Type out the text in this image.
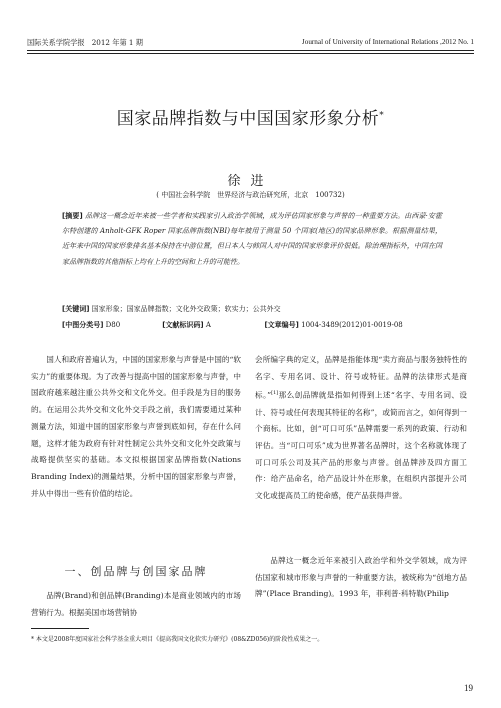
国际关系学院学报　2012 年第 1 期	Journal of University of International Relations ,2012 No. 1
国家品牌指数与中国国家形象分析*
徐进
( 中国社会科学院　世界经济与政治研究所，北京　100732)
[摘要] 品牌这一概念近年来被一些学者和实践家引入政治学领域，成为评估国家形象与声誉的一种重要方法。由西蒙·安霍尔特创建的 Anholt-GFK Roper 国家品牌指数(NBI)每年被用于测量 50 个国家(地区)的国家品牌形象。根据测量结果，近年来中国的国家形象排名基本保持在中游位置，但日本人与韩国人对中国的国家形象评价很低。除治理指标外，中国在国家品牌指数的其他指标上均有上升的空间和上升的可能性。
[关键词] 国家形象；国家品牌指数；文化外交政策；软实力；公共外交
[中图分类号] D80	[文献标识码] A	[文章编号] 1004-3489(2012)01-0019-08

国人和政府普遍认为，中国的国家形象与声誉是中国的“软实力”的重要体现。为了改善与提高中国的国家形象与声誉，中国政府越来越注重公共外交和文化外交。但手段是为目的服务的。在运用公共外交和文化外交手段之前，我们需要通过某种测量方法，知道中国的国家形象与声誉到底如何，存在什么问题，这样才能为政府有针对性制定公共外交和文化外交政策与战略提供坚实的基础。本文拟根据国家品牌指数(Nations Branding Index)的测量结果，分析中国的国家形象与声誉，并从中得出一些有价值的结论。

会所编字典的定义，品牌是指能体现“卖方商品与服务独特性的名字、专用名词、设计、符号或特征。品牌的法律形式是商标。”[1]那么创品牌就是指如何得到上述“名字、专用名词、设计、符号或任何表现其特征的名称”，或简而言之，如何得到一个商标。比如，创“可口可乐”品牌需要一系列的政策、行动和评估。当“可口可乐”成为世界著名品牌时，这个名称就体现了可口可乐公司及其产品的形象与声誉。创品牌涉及四方面工作：给产品命名，给产品设计外在形象，在组织内部提升公司文化或提高员工的使命感，使产品获得声誉。

一、创品牌与创国家品牌

品牌(Brand)和创品牌(Branding)本是商业领域内的市场营销行为。根据美国市场营销协

品牌这一概念近年来被引入政治学和外交学领域，成为评估国家和城市形象与声誉的一种重要方法，被统称为“创地方品牌”(Place Branding)。1993 年，菲利普·科特勒(Philip

* 本文是2008年度国家社会科学基金重大项目《提高我国文化软实力研究》(08&ZD056)的阶段性成果之一。
19
